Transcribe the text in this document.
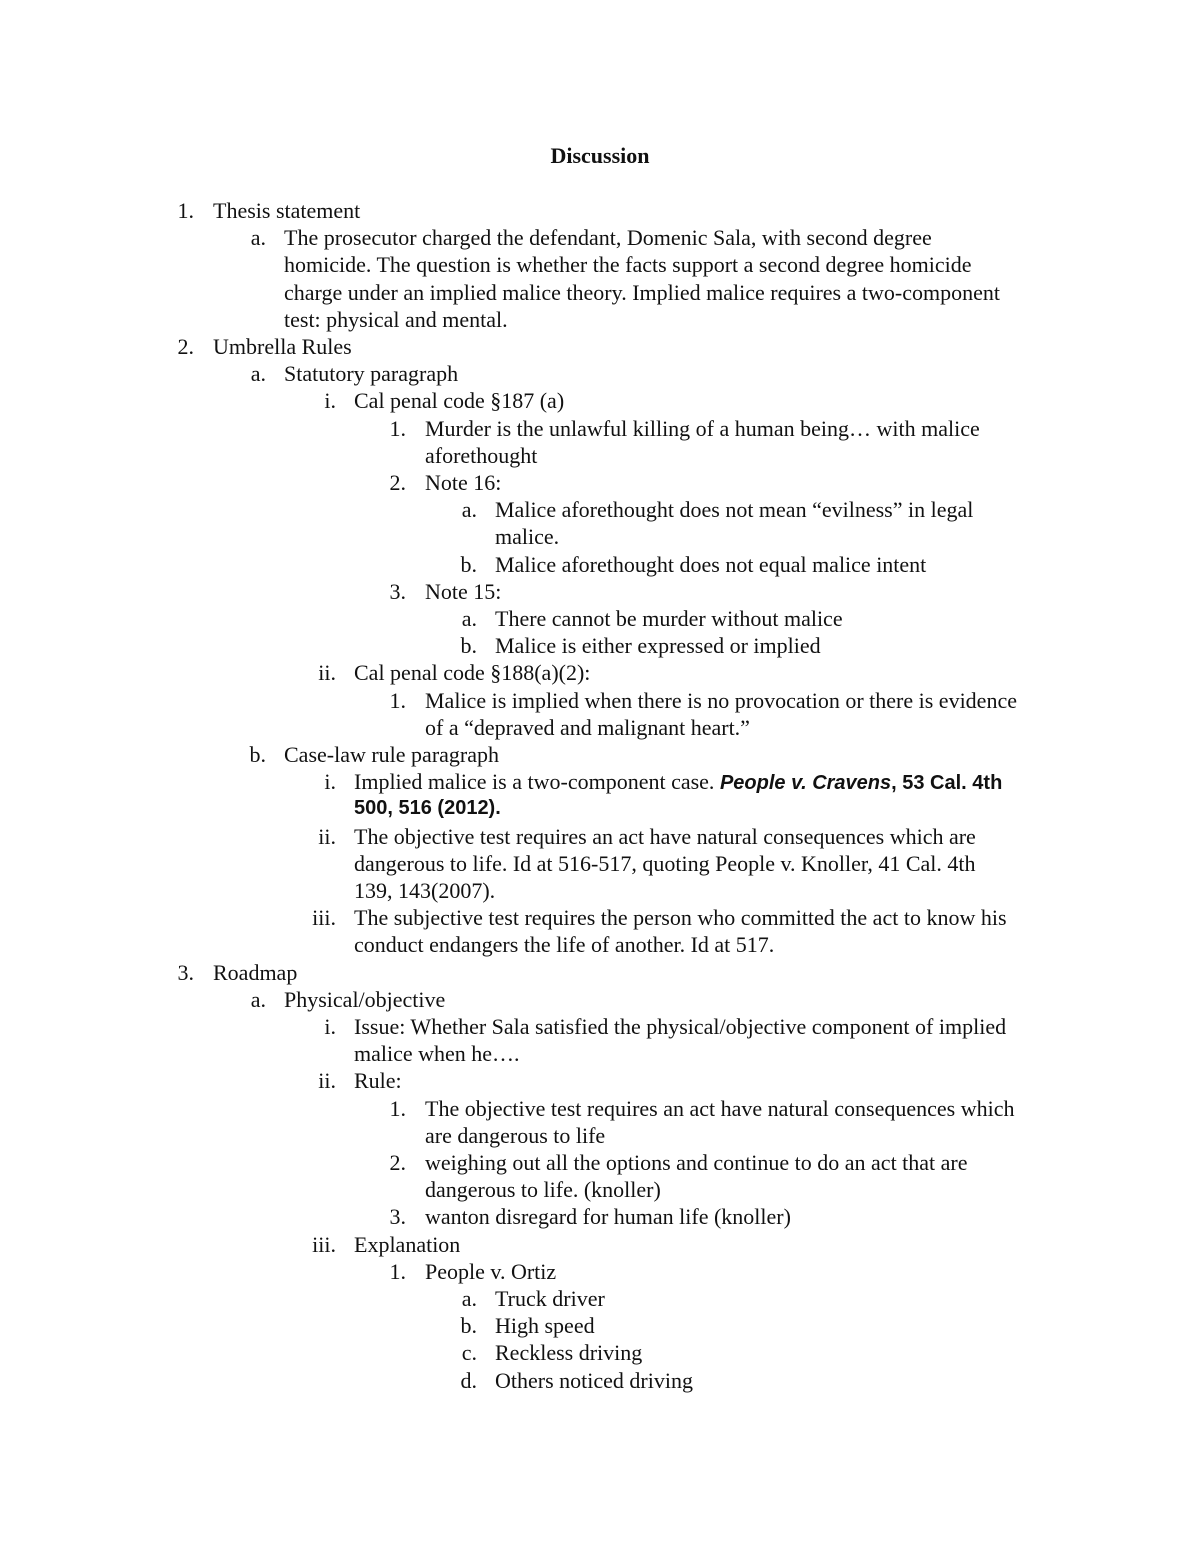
Discussion
1. Thesis statement
a. The prosecutor charged the defendant, Domenic Sala, with second degree
homicide. The question is whether the facts support a second degree homicide
charge under an implied malice theory. Implied malice requires a two-component
test: physical and mental.
2. Umbrella Rules
a. Statutory paragraph
i. Cal penal code §187 (a)
1. Murder is the unlawful killing of a human being… with malice
aforethought
2. Note 16:
a. Malice aforethought does not mean “evilness” in legal
malice.
b. Malice aforethought does not equal malice intent
3. Note 15:
a. There cannot be murder without malice
b. Malice is either expressed or implied
ii. Cal penal code §188(a)(2):
1. Malice is implied when there is no provocation or there is evidence
of a “depraved and malignant heart.”
b. Case-law rule paragraph
i. Implied malice is a two-component case. People v. Cravens, 53 Cal. 4th
500, 516 (2012).
ii. The objective test requires an act have natural consequences which are
dangerous to life. Id at 516-517, quoting People v. Knoller, 41 Cal. 4th
139, 143(2007).
iii. The subjective test requires the person who committed the act to know his
conduct endangers the life of another. Id at 517.
3. Roadmap
a. Physical/objective
i. Issue: Whether Sala satisfied the physical/objective component of implied
malice when he….
ii. Rule:
1. The objective test requires an act have natural consequences which
are dangerous to life
2. weighing out all the options and continue to do an act that are
dangerous to life. (knoller)
3. wanton disregard for human life (knoller)
iii. Explanation
1. People v. Ortiz
a. Truck driver
b. High speed
c. Reckless driving
d. Others noticed driving
